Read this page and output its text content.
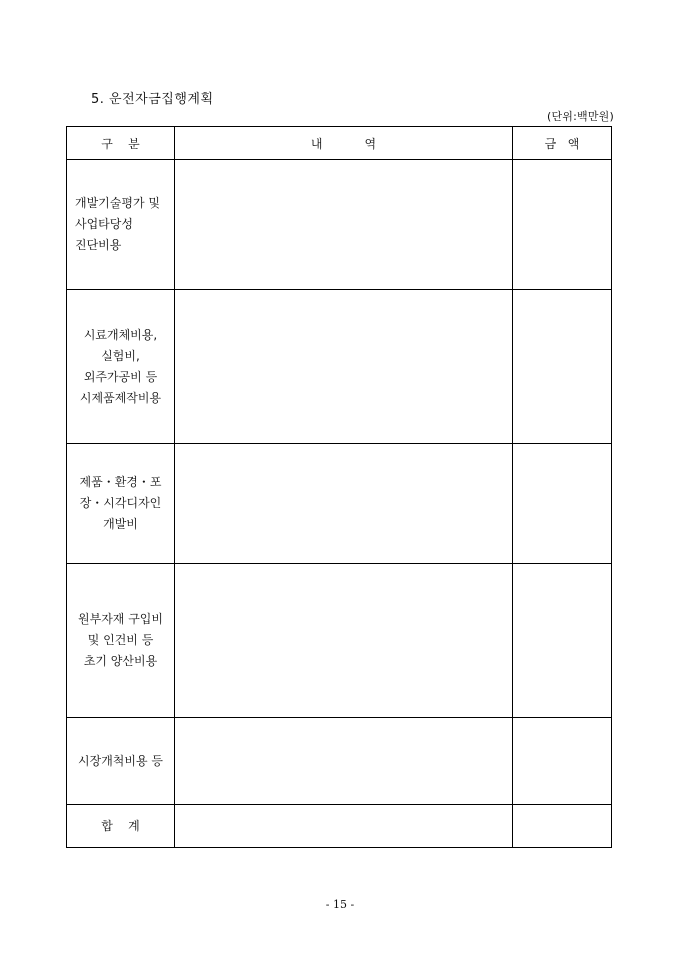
5. 운전자금집행계획
(단위:백만원)
구    분	내           역	금   액

개발기술평가 및
사업타당성
진단비용		

시료개체비용,
실험비,
외주가공비 등
시제품제작비용		

제품・환경・포
장・시각디자인
개발비		

원부자재 구입비
및 인건비 등
초기 양산비용		

시장개척비용 등		

합    계		

- 15 -
